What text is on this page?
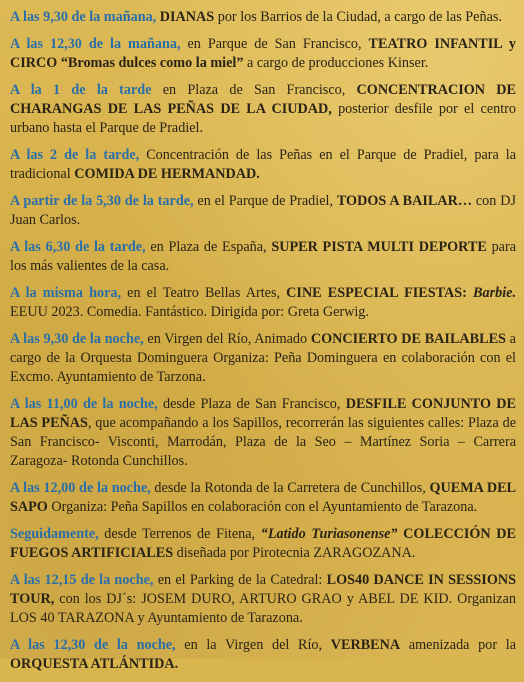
A las 9,30 de la mañana, DIANAS por los Barrios de la Ciudad, a cargo de las Peñas.

A las 12,30 de la mañana, en Parque de San Francisco, TEATRO INFANTIL y CIRCO “Bromas dulces como la miel” a cargo de producciones Kinser.

A la 1 de la tarde en Plaza de San Francisco, CONCENTRACION DE CHARANGAS DE LAS PEÑAS DE LA CIUDAD, posterior desfile por el centro urbano hasta el Parque de Pradiel.

A las 2 de la tarde, Concentración de las Peñas en el Parque de Pradiel, para la tradicional COMIDA DE HERMANDAD.

A partir de la 5,30 de la tarde, en el Parque de Pradiel, TODOS A BAILAR… con DJ Juan Carlos.

A las 6,30 de la tarde, en Plaza de España, SUPER PISTA MULTI DEPORTE para los más valientes de la casa.

A la misma hora, en el Teatro Bellas Artes, CINE ESPECIAL FIESTAS: Barbie. EEUU 2023. Comedia. Fantástico. Dirigida por: Greta Gerwig.

A las 9,30 de la noche, en Virgen del Río, Animado CONCIERTO DE BAILABLES a cargo de la Orquesta Dominguera Organiza: Peña Dominguera en colaboración con el Excmo. Ayuntamiento de Tarzona.

A las 11,00 de la noche, desde Plaza de San Francisco, DESFILE CONJUNTO DE LAS PEÑAS, que acompañando a los Sapillos, recorrerán las siguientes calles: Plaza de San Francisco- Visconti, Marrodán, Plaza de la Seo – Martínez Soria – Carrera Zaragoza- Rotonda Cunchillos.

A las 12,00 de la noche, desde la Rotonda de la Carretera de Cunchillos, QUEMA DEL SAPO Organiza: Peña Sapillos en colaboración con el Ayuntamiento de Tarazona.

Seguidamente, desde Terrenos de Fitena, “Latido Turiasonense” COLECCIÓN DE FUEGOS ARTIFICIALES diseñada por Pirotecnia ZARAGOZANA.

A las 12,15 de la noche, en el Parking de la Catedral: LOS40 DANCE IN SESSIONS TOUR, con los DJ´s: JOSEM DURO, ARTURO GRAO y ABEL DE KID. Organizan LOS 40 TARAZONA y Ayuntamiento de Tarazona.

A las 12,30 de la noche, en la Virgen del Río, VERBENA amenizada por la ORQUESTA ATLÁNTIDA.
